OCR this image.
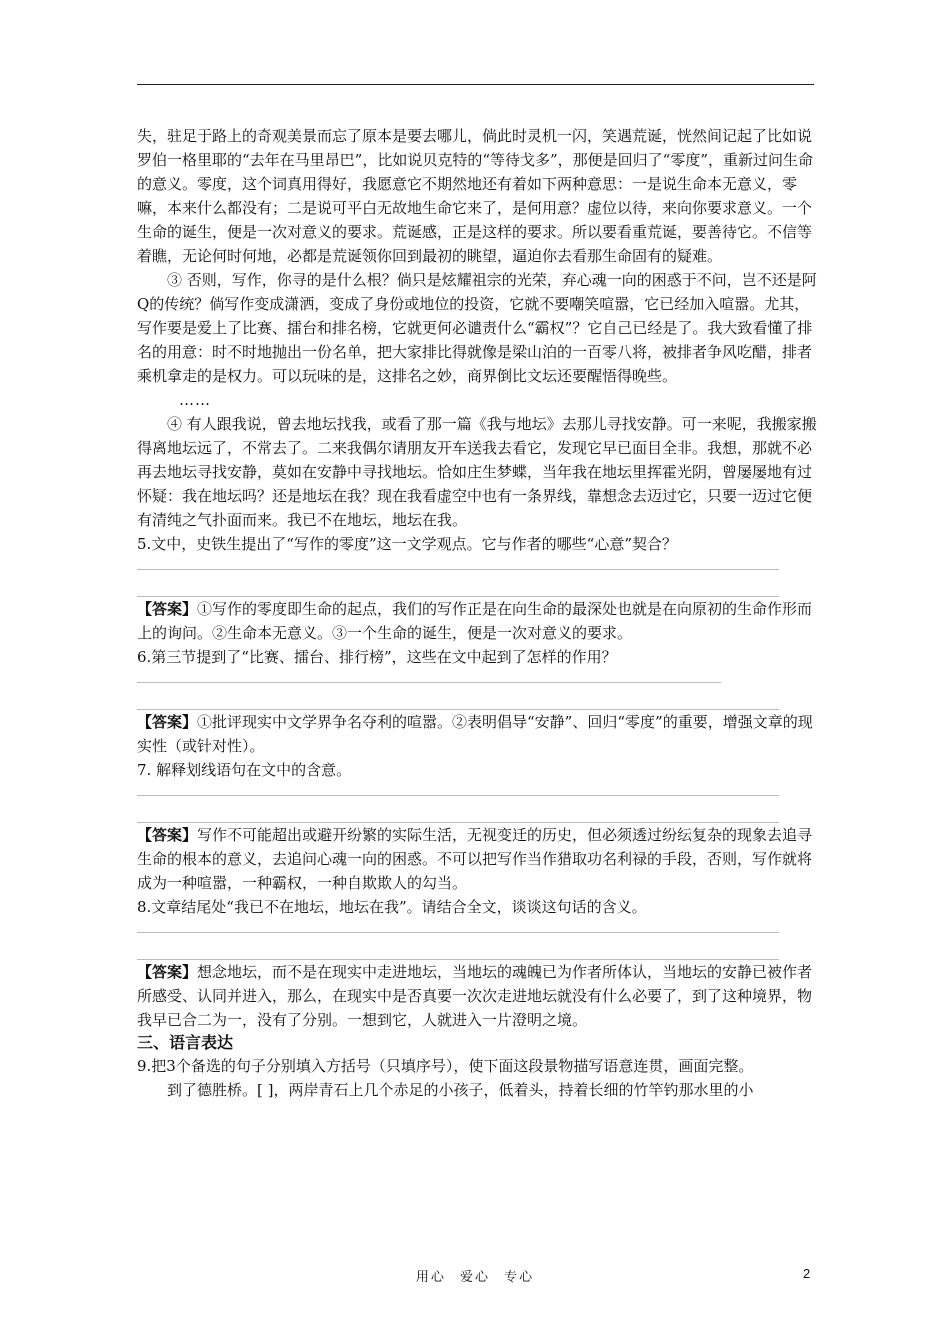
失，驻足于路上的奇观美景而忘了原本是要去哪儿，倘此时灵机一闪，笑遇荒诞，恍然间记起了比如说罗伯一格里耶的“去年在马里昂巴”，比如说贝克特的“等待戈多”，那便是回归了“零度”，重新过问生命的意义。零度，这个词真用得好，我愿意它不期然地还有着如下两种意思：一是说生命本无意义，零嘛，本来什么都没有；二是说可平白无故地生命它来了，是何用意？虚位以待，来向你要求意义。一个生命的诞生，便是一次对意义的要求。荒诞感，正是这样的要求。所以要看重荒诞，要善待它。不信等着瞧，无论何时何地，必都是荒诞领你回到最初的眺望，逼迫你去看那生命固有的疑难。

③ 否则，写作，你寻的是什么根？倘只是炫耀祖宗的光荣，弃心魂一向的困惑于不问，岂不还是阿Q的传统？倘写作变成潇洒，变成了身份或地位的投资，它就不要嘲笑喧嚣，它已经加入喧嚣。尤其，写作要是爱上了比赛、擂台和排名榜，它就更何必谴责什么“霸权”？它自己已经是了。我大致看懂了排名的用意：时不时地抛出一份名单，把大家排比得就像是梁山泊的一百零八将，被排者争风吃醋，排者乘机拿走的是权力。可以玩味的是，这排名之妙，商界倒比文坛还要醒悟得晚些。

……

④ 有人跟我说，曾去地坛找我，或看了那一篇《我与地坛》去那儿寻找安静。可一来呢，我搬家搬得离地坛远了，不常去了。二来我偶尔请朋友开车送我去看它，发现它早已面目全非。我想，那就不必再去地坛寻找安静，莫如在安静中寻找地坛。恰如庄生梦蝶，当年我在地坛里挥霍光阴，曾屡屡地有过怀疑：我在地坛吗？还是地坛在我？现在我看虚空中也有一条界线，靠想念去迈过它，只要一迈过它便有清纯之气扑面而来。我已不在地坛，地坛在我。

5.文中，史铁生提出了“写作的零度”这一文学观点。它与作者的哪些“心意”契合？

【答案】①写作的零度即生命的起点，我们的写作正是在向生命的最深处也就是在向原初的生命作形而上的询问。②生命本无意义。③一个生命的诞生，便是一次对意义的要求。

6.第三节提到了“比赛、擂台、排行榜”，这些在文中起到了怎样的作用？

【答案】①批评现实中文学界争名夺利的喧嚣。②表明倡导“安静”、回归“零度”的重要，增强文章的现实性（或针对性）。

7. 解释划线语句在文中的含意。

【答案】写作不可能超出或避开纷繁的实际生活，无视变迁的历史，但必须透过纷纭复杂的现象去追寻生命的根本的意义，去追问心魂一向的困惑。不可以把写作当作猎取功名利禄的手段，否则，写作就将成为一种喧嚣，一种霸权，一种自欺欺人的勾当。

8.文章结尾处“我已不在地坛，地坛在我”。请结合全文，谈谈这句话的含义。

【答案】想念地坛，而不是在现实中走进地坛，当地坛的魂魄已为作者所体认，当地坛的安静已被作者所感受、认同并进入，那么，在现实中是否真要一次次走进地坛就没有什么必要了，到了这种境界，物我早已合二为一，没有了分别。一想到它，人就进入一片澄明之境。

三、语言表达

9.把3个备选的句子分别填入方括号（只填序号），使下面这段景物描写语意连贯，画面完整。

到了德胜桥。[ ]，两岸青石上几个赤足的小孩子，低着头，持着长细的竹竿钓那水里的小

用心 爱心 专心	2
